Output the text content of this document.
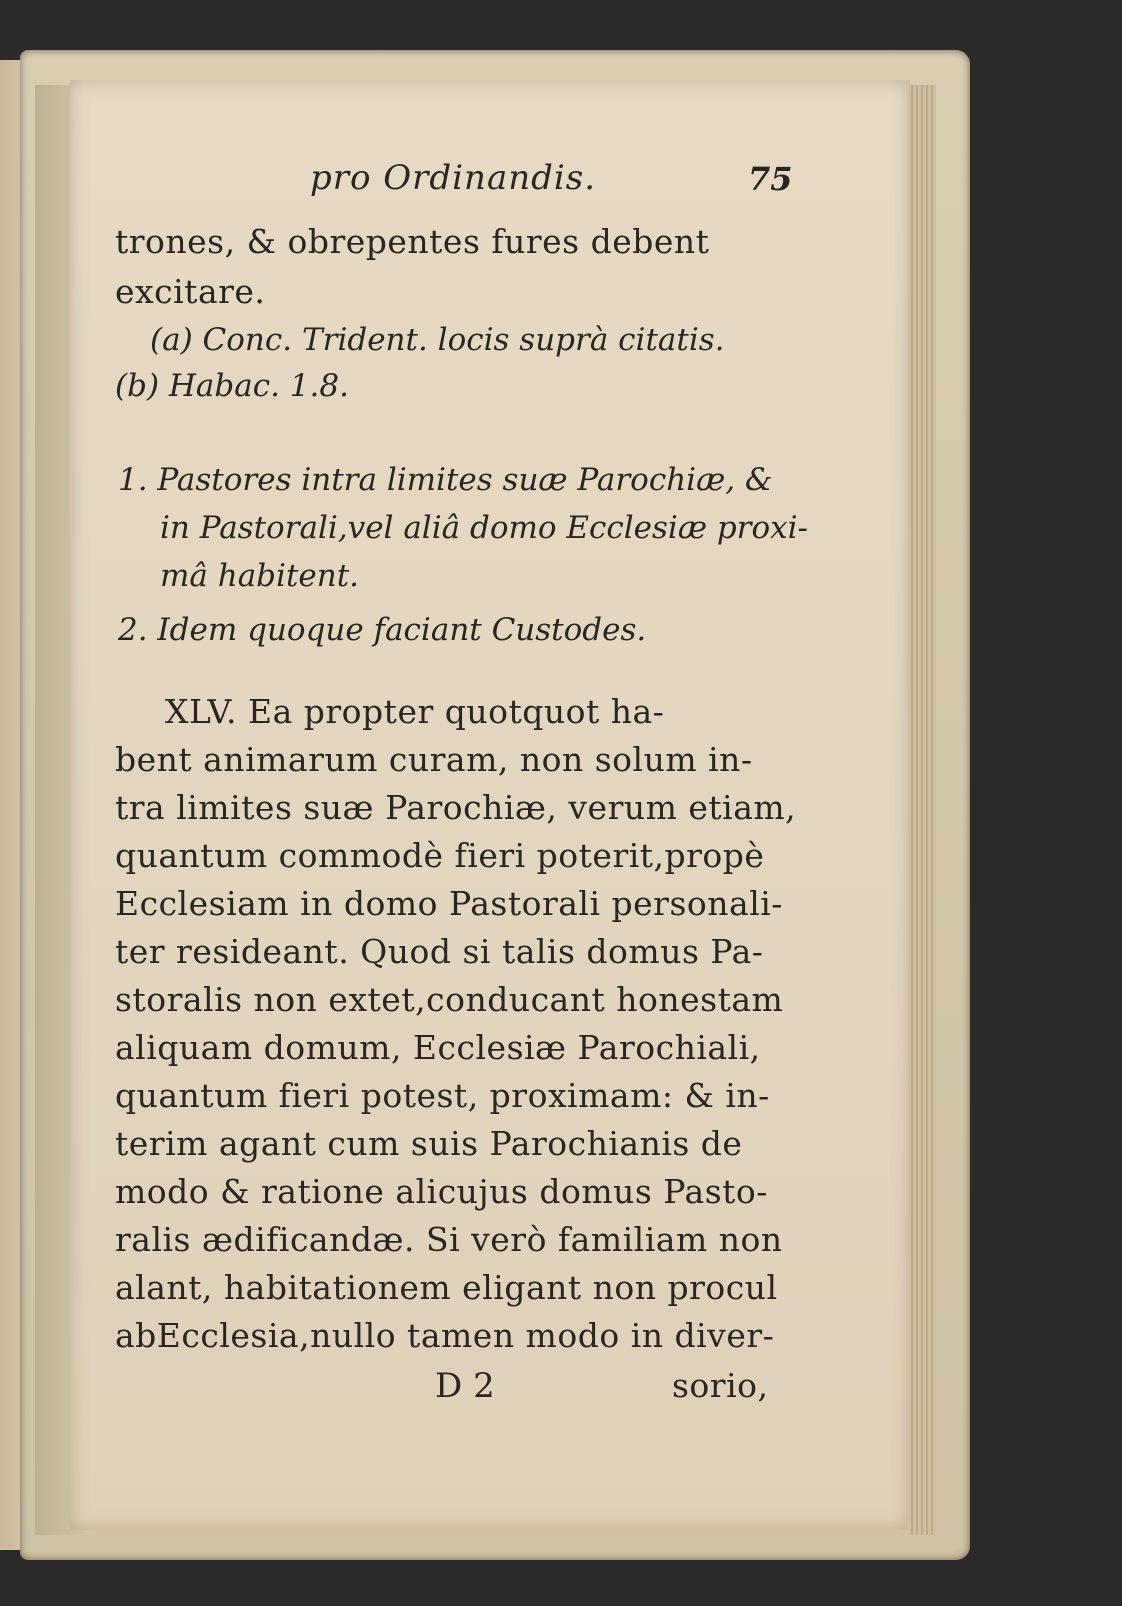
pro Ordinandis.	75
trones, & obrepentes fures debent
excitare.
(a) Conc. Trident. locis suprà citatis.
(b) Habac. 1.8.
1. Pastores intra limites suæ Parochiæ, &
in Pastorali,vel aliâ domo Ecclesiæ proxi-
mâ habitent.
2. Idem quoque faciant Custodes.
XLV. Ea propter quotquot ha-
bent animarum curam, non solum in-
tra limites suæ Parochiæ, verum etiam,
quantum commodè fieri poterit,propè
Ecclesiam in domo Pastorali personali-
ter resideant. Quod si talis domus Pa-
storalis non extet,conducant honestam
aliquam domum, Ecclesiæ Parochiali,
quantum fieri potest, proximam: & in-
terim agant cum suis Parochianis de
modo & ratione alicujus domus Pasto-
ralis ædificandæ. Si verò familiam non
alant, habitationem eligant non procul
abEcclesia,nullo tamen modo in diver-
D 2	sorio,
